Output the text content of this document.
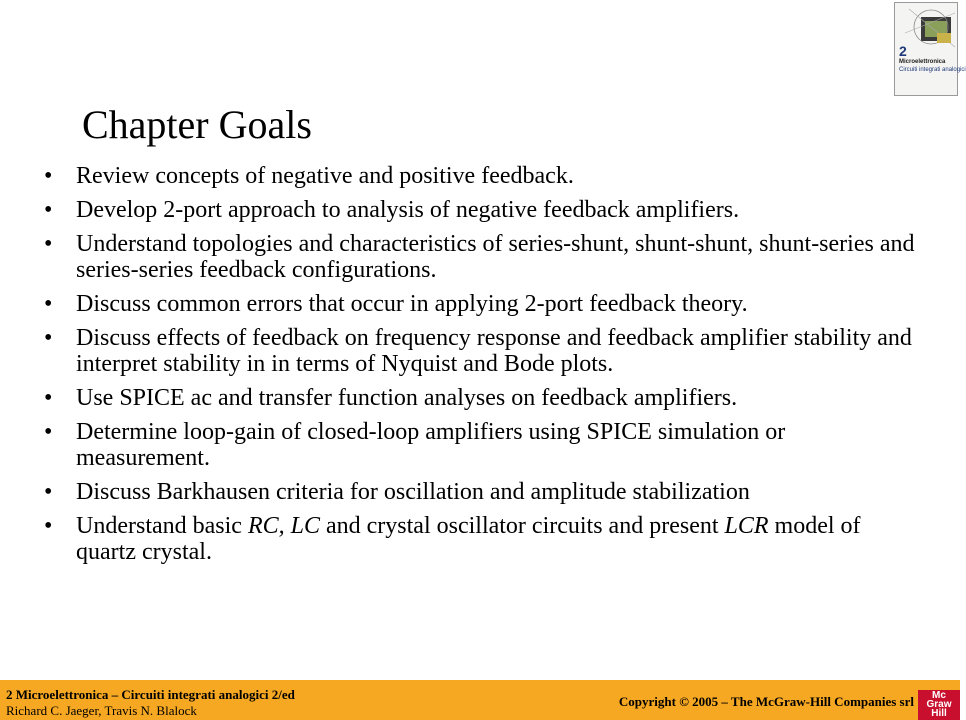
2
Microelettronica
Circuiti integrati analogici
Chapter Goals
• Review concepts of negative and positive feedback.
• Develop 2-port approach to analysis of negative feedback amplifiers.
• Understand topologies and characteristics of series-shunt, shunt-shunt, shunt-series and series-series feedback configurations.
• Discuss common errors that occur in applying 2-port feedback theory.
• Discuss effects of feedback on frequency response and feedback amplifier stability and interpret stability in in terms of Nyquist and Bode plots.
• Use SPICE ac and transfer function analyses on feedback amplifiers.
• Determine loop-gain of closed-loop amplifiers using SPICE simulation or measurement.
• Discuss Barkhausen criteria for oscillation and amplitude stabilization
• Understand basic RC, LC and crystal oscillator circuits and present LCR model of quartz crystal.
2 Microelettronica – Circuiti integrati analogici 2/ed
Richard C. Jaeger, Travis N. Blalock
Copyright © 2005 – The McGraw-Hill Companies srl	Mc
Graw
Hill
